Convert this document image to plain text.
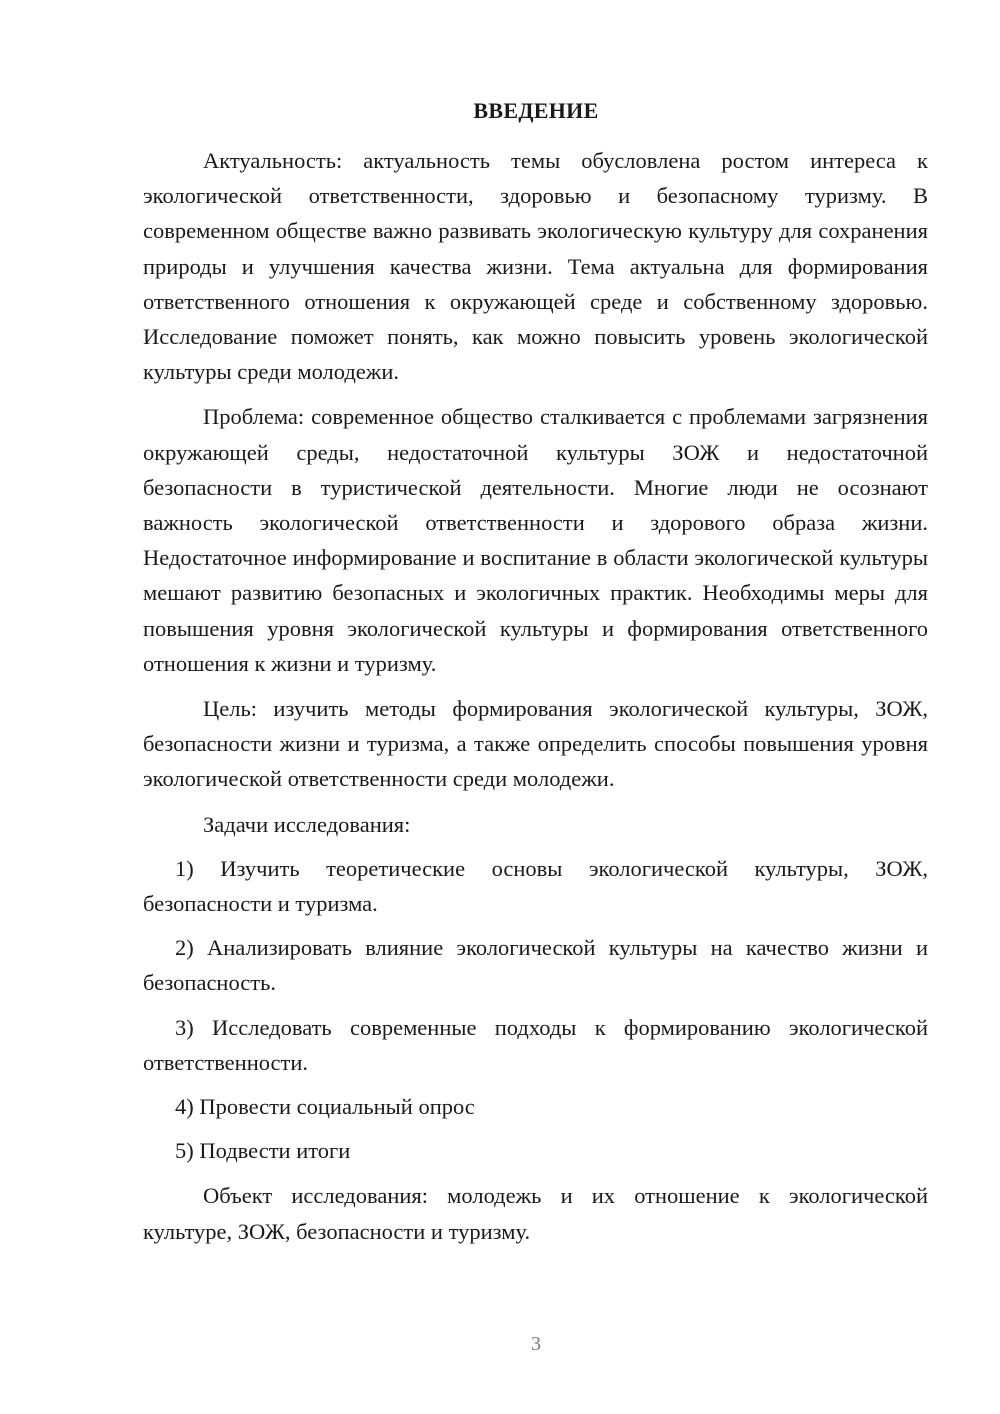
ВВЕДЕНИЕ

Актуальность: актуальность темы обусловлена ростом интереса к экологической ответственности, здоровью и безопасному туризму. В современном обществе важно развивать экологическую культуру для сохранения природы и улучшения качества жизни. Тема актуальна для формирования ответственного отношения к окружающей среде и собственному здоровью. Исследование поможет понять, как можно повысить уровень экологической культуры среди молодежи.

Проблема: современное общество сталкивается с проблемами загрязнения окружающей среды, недостаточной культуры ЗОЖ и недостаточной безопасности в туристической деятельности. Многие люди не осознают важность экологической ответственности и здорового образа жизни. Недостаточное информирование и воспитание в области экологической культуры мешают развитию безопасных и экологичных практик. Необходимы меры для повышения уровня экологической культуры и формирования ответственного отношения к жизни и туризму.

Цель: изучить методы формирования экологической культуры, ЗОЖ, безопасности жизни и туризма, а также определить способы повышения уровня экологической ответственности среди молодежи.

Задачи исследования:

1) Изучить теоретические основы экологической культуры, ЗОЖ, безопасности и туризма.

2) Анализировать влияние экологической культуры на качество жизни и безопасность.

3) Исследовать современные подходы к формированию экологической ответственности.

4) Провести социальный опрос

5) Подвести итоги

Объект исследования: молодежь и их отношение к экологической культуре, ЗОЖ, безопасности и туризму.

3
